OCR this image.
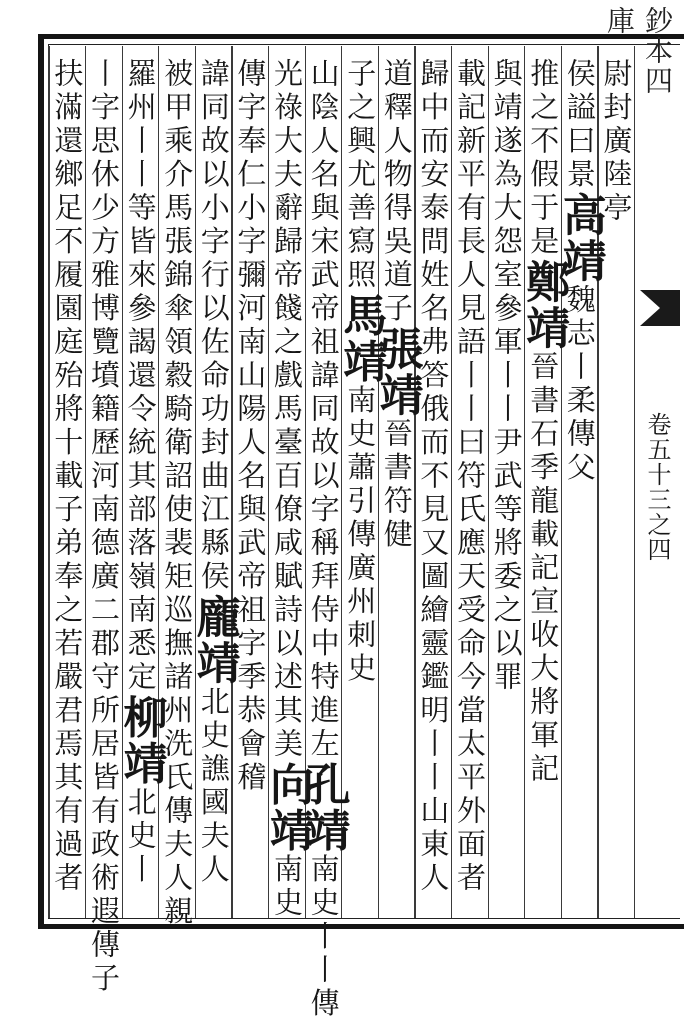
鈔本四庫
卷五十三之四
尉封廣陸亭
侯謚曰景高靖魏志丨柔傳父
推之不假于是鄭靖晉書石季龍載記宣收大將軍記
與靖遂為大怨室參軍丨丨尹武等將委之以罪
載記新平有長人見語丨丨曰符氏應天受命今當太平外面者
歸中而安泰問姓名弗答俄而不見又圖繪靈鑑明丨丨山東人
道釋人物得吳道子張靖晉書符健
子之興尤善寫照馬靖南史蕭引傳廣州刺史
山陰人名與宋武帝祖諱同故以字稱拜侍中特進左孔靖南史丨丨傳
光祿大夫辭歸帝餞之戲馬臺百僚咸賦詩以述其美向靖南史
傳字奉仁小字彌河南山陽人名與武帝祖字季恭會稽
諱同故以小字行以佐命功封曲江縣侯龐靖北史譙國夫人
被甲乘介馬張錦傘領縠騎衛詔使裴矩巡撫諸州洗氏傳夫人親
羅州丨丨等皆來參謁還令統其部落嶺南悉定柳靖北史丨
丨字思休少方雅博覽墳籍歷河南德廣二郡守所居皆有政術遐傳子
扶滿還鄉足不履園庭殆將十載子弟奉之若嚴君焉其有過者
